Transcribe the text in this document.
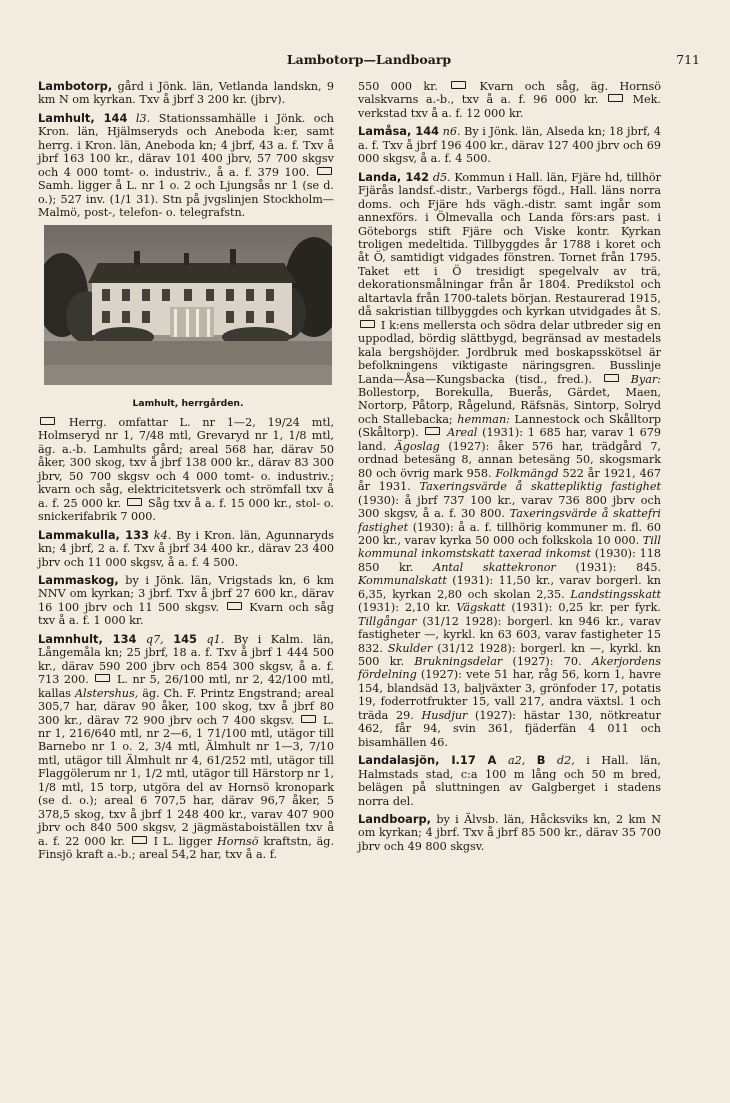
Lambotorp—Landboarp	711

Lambotorp, gård i Jönk. län, Vetlanda landskn, 9 km N om kyrkan. Txv å jbrf 3 200 kr. (jbrv).

Lamhult, 144 l3. Stationssamhälle i Jönk. och Kron. län, Hjälmseryds och Aneboda k:er, samt herrg. i Kron. län, Aneboda kn; 4 jbrf, 43 a. f. Txv å jbrf 163 100 kr., därav 101 400 jbrv, 57 700 skgsv och 4 000 tomt- o. industriv., å a. f. 379 100.  Samh. ligger å L. nr 1 o. 2 och Ljungsås nr 1 (se d. o.); 527 inv. (1/1 31). Stn på jvgslinjen Stockholm—Malmö, post-, telefon- o. telegrafstn.

Lamhult, herrgården.

Herrg. omfattar L. nr 1—2, 19/24 mtl, Holmseryd nr 1, 7/48 mtl, Grevaryd nr 1, 1/8 mtl, äg. a.-b. Lamhults gård; areal 568 har, därav 50 åker, 300 skog, txv å jbrf 138 000 kr., därav 83 300 jbrv, 50 700 skgsv och 4 000 tomt- o. industriv.; kvarn och såg, elektricitetsverk och strömfall txv å a. f. 25 000 kr. Såg txv å a. f. 15 000 kr., stol- o. snickerifabrik 7 000.

Lammakulla, 133 k4. By i Kron. län, Agunnaryds kn; 4 jbrf, 2 a. f. Txv å jbrf 34 400 kr., därav 23 400 jbrv och 11 000 skgsv, å a. f. 4 500.

Lammaskog, by i Jönk. län, Vrigstads kn, 6 km NNV om kyrkan; 3 jbrf. Txv å jbrf 27 600 kr., därav 16 100 jbrv och 11 500 skgsv.	Kvarn och såg txv å a. f. 1 000 kr.

Lamnhult, 134 q7, 145 q1. By i Kalm. län, Långemåla kn; 25 jbrf, 18 a. f. Txv å jbrf 1 444 500 kr., därav 590 200 jbrv och 854 300 skgsv, å a. f. 713 200.	L. nr 5, 26/100 mtl, nr 2, 42/100 mtl, kallas Alstershus, äg. Ch. F. Printz Engstrand; areal 305,7 har, därav 90 åker, 100 skog, txv å jbrf 80 300 kr., därav 72 900 jbrv och 7 400 skgsv.	L. nr 1, 216/640 mtl, nr 2—6, 1 71/100 mtl, utägor till Barnebo nr 1 o. 2, 3/4 mtl, Älmhult nr 1—3, 7/10 mtl, utägor till Älmhult nr 4, 61/252 mtl, utägor till Flaggölerum nr 1, 1/2 mtl, utägor till Härstorp nr 1, 1/8 mtl, 15 torp, utgöra del av Hornsö kronopark (se d. o.); areal 6 707,5 har, därav 96,7 åker, 5 378,5 skog, txv å jbrf 1 248 400 kr., varav 407 900 jbrv och 840 500 skgsv, 2 jägmästaboiställen txv å a. f. 22 000 kr.	I L. ligger Hornsö kraftstn, äg. Finsjö kraft a.-b.; areal 54,2 har, txv å a. f.

550 000 kr.	Kvarn och såg, äg. Hornsö valskvarns a.-b., txv å a. f. 96 000 kr.	Mek. verkstad txv å a. f. 12 000 kr.

Lamåsa, 144 n6. By i Jönk. län, Alseda kn; 18 jbrf, 4 a. f. Txv å jbrf 196 400 kr., därav 127 400 jbrv och 69 000 skgsv, å a. f. 4 500.

Landa, 142 d5. Kommun i Hall. län, Fjäre hd, tillhör Fjärås landsf.-distr., Varbergs fögd., Hall. läns norra doms. och Fjäre hds vägh.-distr. samt ingår som annexförs. i Ölmevalla och Landa förs:ars past. i Göteborgs stift Fjäre och Viske kontr. Kyrkan troligen medeltida. Tillbyggdes år 1788 i koret och åt Ö, samtidigt vidgades fönstren. Tornet från 1795. Taket ett i Ö tresidigt spegelvalv av trä, dekorationsmålningar från år 1804. Predikstol och altartavla från 1700-talets början. Restaurerad 1915, då sakristian tillbyggdes och kyrkan utvidgades åt S.  I k:ens mellersta och södra delar utbreder sig en uppodlad, bördig slättbygd, begränsad av mestadels kala bergshöjder. Jordbruk med boskapsskötsel är befolkningens viktigaste näringsgren. Busslinje Landa—Åsa—Kungsbacka (tisd., fred.).	Byar: Bollestorp, Borekulla, Buerås, Gärdet, Maen, Nortorp, Påtorp, Rågelund, Räfsnäs, Sintorp, Solryd och Stallebacka; hemman: Lannestock och Skålltorp (Skåltorp).	Areal (1931): 1 685 har, varav 1 679 land. Ägoslag (1927): åker 576 har, trädgård 7, ordnad betesäng 8, annan betesäng 50, skogsmark 80 och övrig mark 958. Folkmängd 522 år 1921, 467 år 1931. Taxeringsvärde å skattepliktig fastighet (1930): å jbrf 737 100 kr., varav 736 800 jbrv och 300 skgsv, å a. f. 30 800. Taxeringsvärde å skattefri fastighet (1930): å a. f. tillhörig kommuner m. fl. 60 200 kr., varav kyrka 50 000 och folkskola 10 000. Till kommunal inkomstskatt taxerad inkomst (1930): 118 850 kr. Antal skattekronor (1931): 845. Kommunalskatt (1931): 11,50 kr., varav borgerl. kn 6,35, kyrkan 2,80 och skolan 2,35. Landstingsskatt (1931): 2,10 kr. Vägskatt (1931): 0,25 kr. per fyrk. Tillgångar (31/12 1928): borgerl. kn 946 kr., varav fastigheter —, kyrkl. kn 63 603, varav fastigheter 15 832. Skulder (31/12 1928): borgerl. kn —, kyrkl. kn 500 kr. Brukningsdelar (1927): 70. Akerjordens fördelning (1927): vete 51 har, råg 56, korn 1, havre 154, blandsäd 13, baljväxter 3, grönfoder 17, potatis 19, foderrotfrukter 15, vall 217, andra växtsl. 1 och träda 29. Husdjur (1927): hästar 130, nötkreatur 462, får 94, svin 361, fjäderfän 4 011 och bisamhällen 46.

Landalasjön, I.17 A a2, B d2, i Hall. län, Halmstads stad, c:a 100 m lång och 50 m bred, belägen på sluttningen av Galgberget i stadens norra del.

Landboarp, by i Älvsb. län, Håcksviks kn, 2 km N om kyrkan; 4 jbrf. Txv å jbrf 85 500 kr., därav 35 700 jbrv och 49 800 skgsv.
